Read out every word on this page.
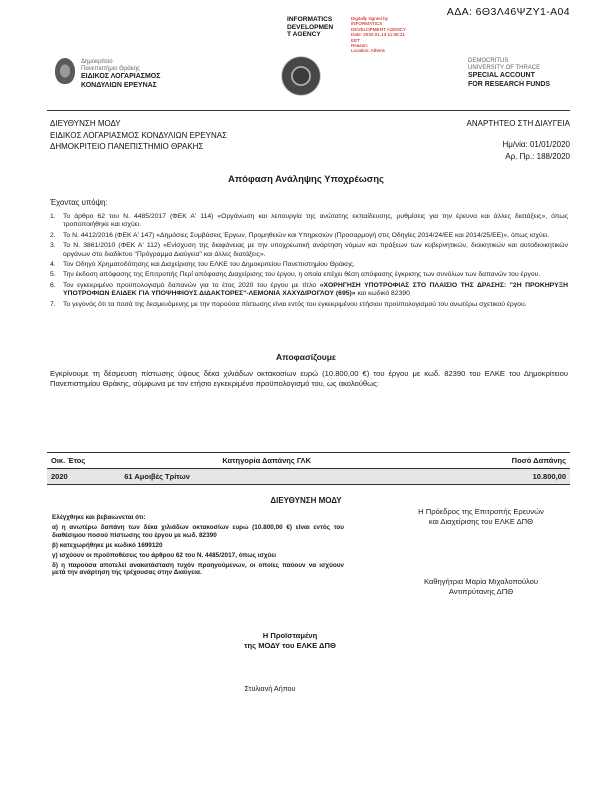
ΑΔΑ: 6Θ3Λ46ΨΖΥ1-Α04
INFORMATICS
DEVELOPMEN
T AGENCY
Digitally signed by
INFORMATICS
DEVELOPMENT AGENCY
Date: 2020.01.13 11:06:21
EET
Reason:
Location: Athens
Δημοκρίτειο
Πανεπιστήμιο Θράκης
ΕΙΔΙΚΟΣ ΛΟΓΑΡΙΑΣΜΟΣ
ΚΟΝΔΥΛΙΩΝ ΕΡΕΥΝΑΣ
DEMOCRITUS
UNIVERSITY OF THRACE
SPECIAL ACCOUNT
FOR RESEARCH FUNDS
ΔΙΕΥΘΥΝΣΗ ΜΟΔΥ
ΕΙΔΙΚΟΣ ΛΟΓΑΡΙΑΣΜΟΣ ΚΟΝΔΥΛΙΩΝ ΕΡΕΥΝΑΣ
ΔΗΜΟΚΡΙΤΕΙΟ ΠΑΝΕΠΙΣΤΗΜΙΟ ΘΡΑΚΗΣ
ΑΝΑΡΤΗΤΕΟ ΣΤΗ ΔΙΑΥΓΕΙΑ
Ημ/νία: 01/01/2020
Αρ. Πρ.: 188/2020
Απόφαση Ανάληψης Υποχρέωσης
Έχοντας υπόψη:
1.	Το άρθρο 62 του Ν. 4485/2017 (ΦΕΚ Α' 114) «Οργάνωση και λειτουργία της ανώτατης εκπαίδευσης, ρυθμίσεις για την έρευνα και άλλες διατάξεις», όπως τροποποιήθηκε και ισχύει.
2.	Το Ν. 4412/2016 (ΦΕΚ Α' 147) «Δημόσιες Συμβάσεις Έργων, Προμηθειών και Υπηρεσιών (Προσαρμογή στις Οδηγίες 2014/24/ΕΕ και 2014/25/ΕΕ)», όπως ισχύει.
3.	Το Ν. 3861/2010 (ΦΕΚ Α' 112) «Ενίσχυση της διαφάνειας με την υποχρεωτική ανάρτηση νόμων και πράξεων των κυβερνητικών, διοικητικών και αυτοδιοικητικών οργάνων στο διαδίκτυο "Πρόγραμμα Διαύγεια" και άλλες διατάξεις».
4.	Τον Οδηγό Χρηματοδότησης και Διαχείρισης του ΕΛΚΕ του Δημοκριτείου Πανεπιστημίου Θράκης.
5.	Την έκδοση απόφασης της Επιτροπής Περί απόφασης Διαχείρισης του έργου, η οποία επέχει θέση απόφασης έγκρισης των συνόλων των δαπανών του έργου.
6.	Τον εγκεκριμένο προϋπολογισμό δαπανών για το έτος 2020 του έργου με τίτλο «ΧΟΡΗΓΗΣΗ ΥΠΟΤΡΟΦΙΑΣ ΣΤΟ ΠΛΑΙΣΙΟ ΤΗΣ ΔΡΑΣΗΣ: "2Η ΠΡΟΚΗΡΥΞΗ ΥΠΟΤΡΟΦΙΩΝ ΕΛΙΔΕΚ ΓΙΑ ΥΠΟΨΗΦΙΟΥΣ ΔΙΔΑΚΤΟΡΕΣ"-ΛΕΜΟΝΙΑ ΧΑΧΥΔΙΡΟΓΛΟΥ (695)» και κωδικό 82390
7.	Το γεγονός ότι τα ποσά της δεσμευόμενης με την παρούσα πίστωσης είναι εντός του εγκεκριμένου ετήσιου προϋπολογισμού του ανωτέρω σχετικού έργου.
Αποφασίζουμε
Εγκρίνουμε τη δέσμευση πίστωσης ύψους δέκα χιλιάδων οκτακοσίων ευρώ (10.800,00 €) του έργου με κωδ. 82390 του ΕΛΚΕ του Δημοκρίτειου Πανεπιστημίου Θράκης, σύμφωνα με τον ετήσιο εγκεκριμένο προϋπολογισμό του, ως ακολούθως:
Οικ. Έτος	Κατηγορία Δαπάνης ΓΛΚ	Ποσό Δαπάνης
2020	61 Αμοιβές Τρίτων	10.800,00
ΔΙΕΥΘΥΝΣΗ ΜΟΔΥ
Ελέγχθηκε και βεβαιώνεται ότι:
α) η ανωτέρω δαπάνη των δέκα χιλιάδων οκτακοσίων ευρώ (10.800,00 €) είναι εντός του διαθέσιμου ποσού πίστωσης του έργου με κωδ. 82390
β) κατεχωρήθηκε με κωδικό 1699120
γ) ισχύουν οι προϋποθέσεις του άρθρου 62 του Ν. 4485/2017, όπως ισχύει
δ) η παρούσα αποτελεί ανακατάσταση τυχόν προηγούμενων, οι οποίες παύουν να ισχύουν μετά την ανάρτηση της τρέχουσας στην Διαύγεια.
Η Πρόεδρος της Επιτροπής Ερευνών
και Διαχείρισης του ΕΛΚΕ ΔΠΘ
Καθηγήτρια Μαρία Μιχαλοπούλου
Αντιπρύτανης ΔΠΘ
Η Προϊσταμένη
της ΜΟΔΥ του ΕΛΚΕ ΔΠΘ
Στυλιανή Αήπου
